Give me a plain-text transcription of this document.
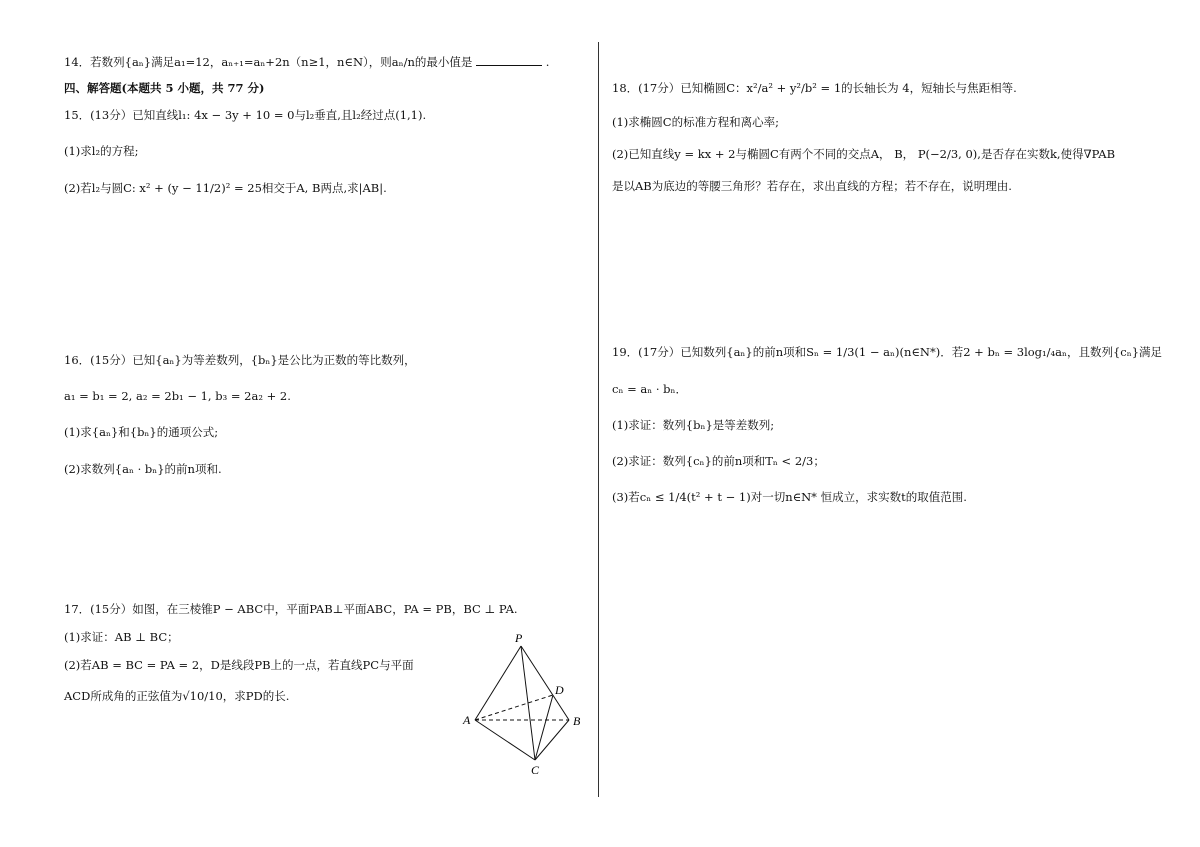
14．若数列{aₙ}满足a₁=12，aₙ₊₁=aₙ+2n（n≥1，n∈N），则aₙ/n的最小值是	.
四、解答题(本题共 5 小题，共 77 分)
15．(13分）已知直线l₁: 4x − 3y + 10 = 0与l₂垂直,且l₂经过点(1,1).
(1)求l₂的方程;
(2)若l₂与圆C: x² + (y − 11/2)² = 25相交于A, B两点,求|AB|.
16．(15分）已知{aₙ}为等差数列，{bₙ}是公比为正数的等比数列，
a₁ = b₁ = 2, a₂ = 2b₁ − 1, b₃ = 2a₂ + 2.
(1)求{aₙ}和{bₙ}的通项公式;
(2)求数列{aₙ · bₙ}的前n项和.
17．(15分）如图，在三棱锥P − ABC中，平面PAB⊥平面ABC，PA = PB，BC ⊥ PA.
(1)求证：AB ⊥ BC；
(2)若AB = BC = PA = 2，D是线段PB上的一点，若直线PC与平面
ACD所成角的正弦值为√10/10，求PD的长.
P
A	B
C
D
18．(17分）已知椭圆C：x²/a² + y²/b² = 1的长轴长为 4，短轴长与焦距相等.
(1)求椭圆C的标准方程和离心率;
(2)已知直线y = kx + 2与椭圆C有两个不同的交点A， B， P(−2/3, 0),是否存在实数k,使得∇PAB
是以AB为底边的等腰三角形？若存在，求出直线的方程；若不存在，说明理由.
19．(17分）已知数列{aₙ}的前n项和Sₙ = 1/3(1 − aₙ)(n∈N*)．若2 + bₙ = 3log₁/₄aₙ，且数列{cₙ}满足
cₙ = aₙ · bₙ．
(1)求证：数列{bₙ}是等差数列;
(2)求证：数列{cₙ}的前n项和Tₙ < 2/3；
(3)若cₙ ≤ 1/4(t² + t − 1)对一切n∈N* 恒成立，求实数t的取值范围.
